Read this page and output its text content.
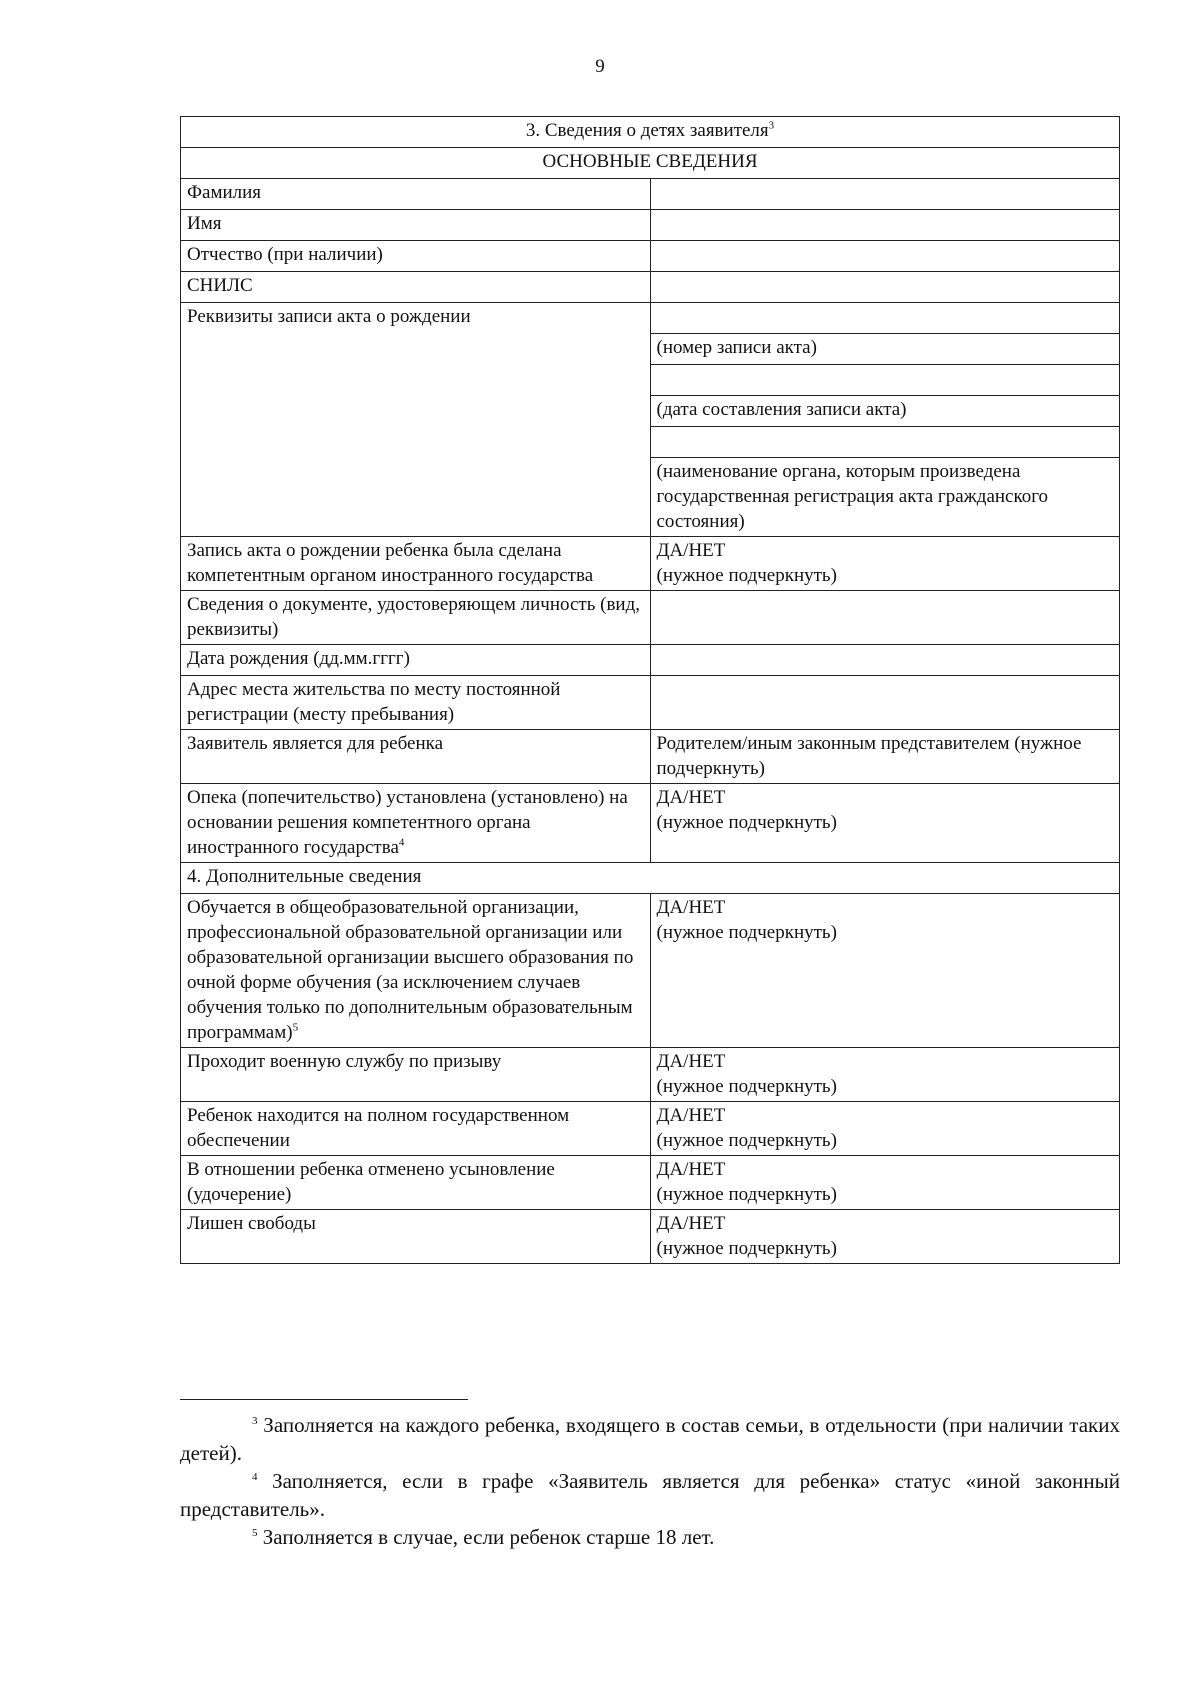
9
3. Сведения о детях заявителя$^3$
ОСНОВНЫЕ СВЕДЕНИЯ	
Фамилия	
Имя	
Отчество (при наличии)	
СНИЛС	
Реквизиты записи акта о рождении	
	(номер записи акта)

	(дата составления записи акта)

	(наименование органа, которым произведена государственная регистрация акта гражданского состояния)
Запись акта о рождении ребенка была сделана компетентным органом иностранного государства	ДА/НЕТ
(нужное подчеркнуть)

Сведения о документе, удостоверяющем личность (вид, реквизиты)	
Дата рождения (дд.мм.гггг)	
Адрес места жительства по месту постоянной регистрации (месту пребывания)	
Заявитель является для ребенка	Родителем/иным законным представителем (нужное подчеркнуть)
Опека (попечительство) установлена (установлено) на основании решения компетентного органа иностранного государства$^4$	ДА/НЕТ
(нужное подчеркнуть)

4. Дополнительные сведения	
Обучается в общеобразовательной организации, профессиональной образовательной организации или образовательной организации высшего образования по очной форме обучения (за исключением случаев обучения только по дополнительным образовательным программам)$^5$	ДА/НЕТ
(нужное подчеркнуть)

Проходит военную службу по призыву	ДА/НЕТ
(нужное подчеркнуть)

Ребенок находится на полном государственном обеспечении	ДА/НЕТ
(нужное подчеркнуть)

В отношении ребенка отменено усыновление (удочерение)	ДА/НЕТ
(нужное подчеркнуть)

Лишен свободы	ДА/НЕТ
(нужное подчеркнуть)

$^3$ Заполняется на каждого ребенка, входящего в состав семьи, в отдельности (при наличии таких детей).

$^4$ Заполняется, если в графе «Заявитель является для ребенка» статус «иной законный представитель».

$^5$ Заполняется в случае, если ребенок старше 18 лет.
